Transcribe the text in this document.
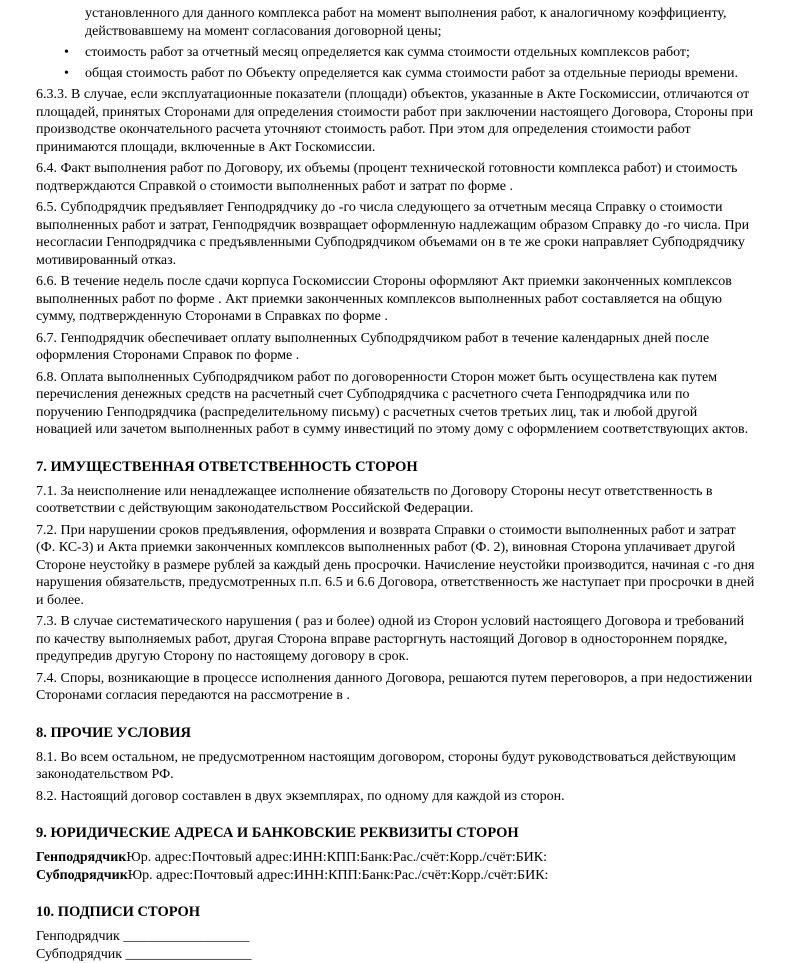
установленного для данного комплекса работ на момент выполнения работ, к аналогичному коэффициенту, действовавшему на момент согласования договорной цены;

• стоимость работ за отчетный месяц определяется как сумма стоимости отдельных комплексов работ;
• общая стоимость работ по Объекту определяется как сумма стоимости работ за отдельные периоды времени.

6.3.3. В случае, если эксплуатационные показатели (площади) объектов, указанные в Акте Госкомиссии, отличаются от площадей, принятых Сторонами для определения стоимости работ при заключении настоящего Договора, Стороны при производстве окончательного расчета уточняют стоимость работ. При этом для определения стоимости работ принимаются площади, включенные в Акт Госкомиссии.

6.4. Факт выполнения работ по Договору, их объемы (процент технической готовности комплекса работ) и стоимость подтверждаются Справкой о стоимости выполненных работ и затрат по форме .

6.5. Субподрядчик предъявляет Генподрядчику до -го числа следующего за отчетным месяца Справку о стоимости выполненных работ и затрат, Генподрядчик возвращает оформленную надлежащим образом Справку до -го числа. При несогласии Генподрядчика с предъявленными Субподрядчиком объемами он в те же сроки направляет Субподрядчику мотивированный отказ.

6.6. В течение недель после сдачи корпуса Госкомиссии Стороны оформляют Акт приемки законченных комплексов выполненных работ по форме . Акт приемки законченных комплексов выполненных работ составляется на общую сумму, подтвержденную Сторонами в Справках по форме .

6.7. Генподрядчик обеспечивает оплату выполненных Субподрядчиком работ в течение календарных дней после оформления Сторонами Справок по форме .

6.8. Оплата выполненных Субподрядчиком работ по договоренности Сторон может быть осуществлена как путем перечисления денежных средств на расчетный счет Субподрядчика с расчетного счета Генподрядчика или по поручению Генподрядчика (распределительному письму) с расчетных счетов третьих лиц, так и любой другой новацией или зачетом выполненных работ в сумму инвестиций по этому дому с оформлением соответствующих актов.

7. ИМУЩЕСТВЕННАЯ ОТВЕТСТВЕННОСТЬ СТОРОН

7.1. За неисполнение или ненадлежащее исполнение обязательств по Договору Стороны несут ответственность в соответствии с действующим законодательством Российской Федерации.

7.2. При нарушении сроков предъявления, оформления и возврата Справки о стоимости выполненных работ и затрат (Ф. КС-3) и Акта приемки законченных комплексов выполненных работ (Ф. 2), виновная Сторона уплачивает другой Стороне неустойку в размере рублей за каждый день просрочки. Начисление неустойки производится, начиная с -го дня нарушения обязательств, предусмотренных п.п. 6.5 и 6.6 Договора, ответственность же наступает при просрочки в дней и более.

7.3. В случае систематического нарушения ( раз и более) одной из Сторон условий настоящего Договора и требований по качеству выполняемых работ, другая Сторона вправе расторгнуть настоящий Договор в одностороннем порядке, предупредив другую Сторону по настоящему договору в срок.

7.4. Споры, возникающие в процессе исполнения данного Договора, решаются путем переговоров, а при недостижении Сторонами согласия передаются на рассмотрение в .

8. ПРОЧИЕ УСЛОВИЯ

8.1. Во всем остальном, не предусмотренном настоящим договором, стороны будут руководствоваться действующим законодательством РФ.

8.2. Настоящий договор составлен в двух экземплярах, по одному для каждой из сторон.

9. ЮРИДИЧЕСКИЕ АДРЕСА И БАНКОВСКИЕ РЕКВИЗИТЫ СТОРОН

ГенподрядчикЮр. адрес:Почтовый адрес:ИНН:КПП:Банк:Рас./счёт:Корр./счёт:БИК:

СубподрядчикЮр. адрес:Почтовый адрес:ИНН:КПП:Банк:Рас./счёт:Корр./счёт:БИК:

10. ПОДПИСИ СТОРОН

Генподрядчик __________________

Субподрядчик __________________
